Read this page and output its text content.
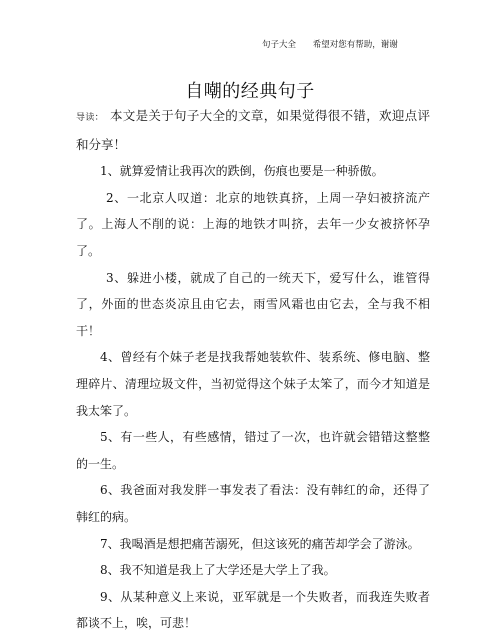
句子大全 希望对您有帮助，谢谢
自嘲的经典句子

导读： 本文是关于句子大全的文章，如果觉得很不错，欢迎点评和分享！

1、就算爱情让我再次的跌倒，伤痕也要是一种骄傲。

2、一北京人叹道：北京的地铁真挤，上周一孕妇被挤流产了。上海人不削的说：上海的地铁才叫挤，去年一少女被挤怀孕了。

3、躲进小楼，就成了自己的一统天下，爱写什么，谁管得了，外面的世态炎凉且由它去，雨雪风霜也由它去，全与我不相干！

4、曾经有个妹子老是找我帮她装软件、装系统、修电脑、整理碎片、清理垃圾文件，当初觉得这个妹子太笨了，而今才知道是我太笨了。

5、有一些人，有些感情，错过了一次，也许就会错错这整整的一生。

6、我爸面对我发胖一事发表了看法：没有韩红的命，还得了韩红的病。

7、我喝酒是想把痛苦溺死，但这该死的痛苦却学会了游泳。

8、我不知道是我上了大学还是大学上了我。

9、从某种意义上来说，亚军就是一个失败者，而我连失败者都谈不上，唉，可悲！
